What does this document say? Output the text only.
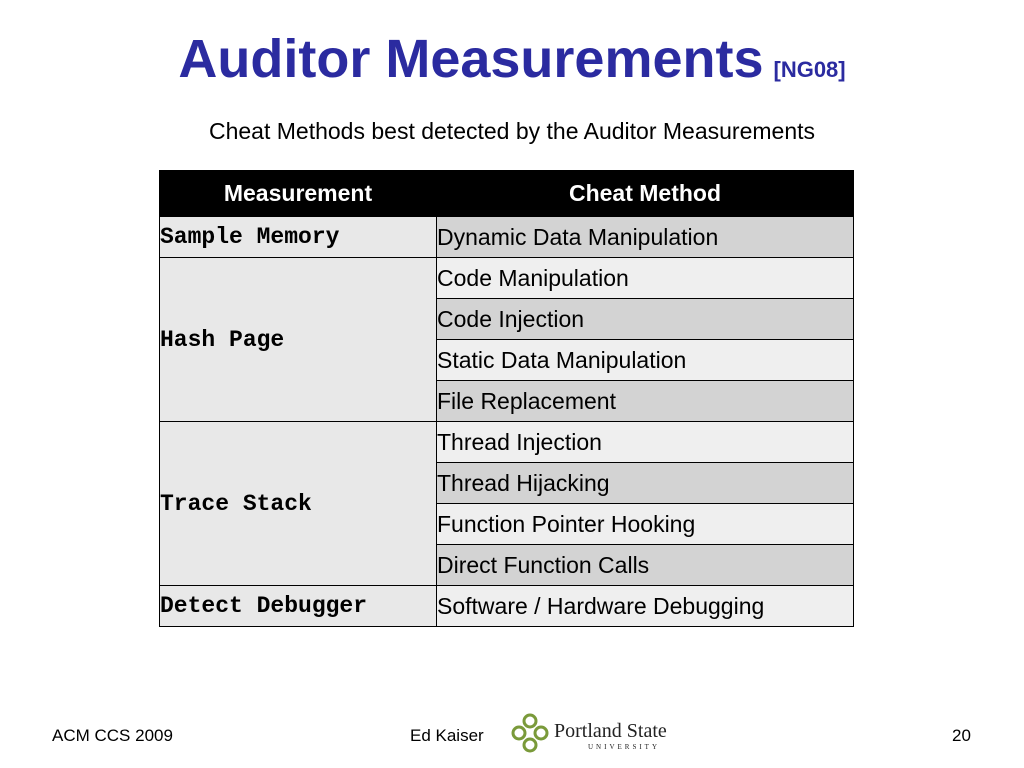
Auditor Measurements [NG08]
Cheat Methods best detected by the Auditor Measurements
Measurement	Cheat Method
Sample Memory	Dynamic Data Manipulation
Hash Page	Code Manipulation
	Code Injection
	Static Data Manipulation
	File Replacement
Trace Stack	Thread Injection
	Thread Hijacking
	Function Pointer Hooking
	Direct Function Calls
Detect Debugger	Software / Hardware Debugging
ACM CCS 2009	Ed Kaiser	Portland State
UNIVERSITY
20
